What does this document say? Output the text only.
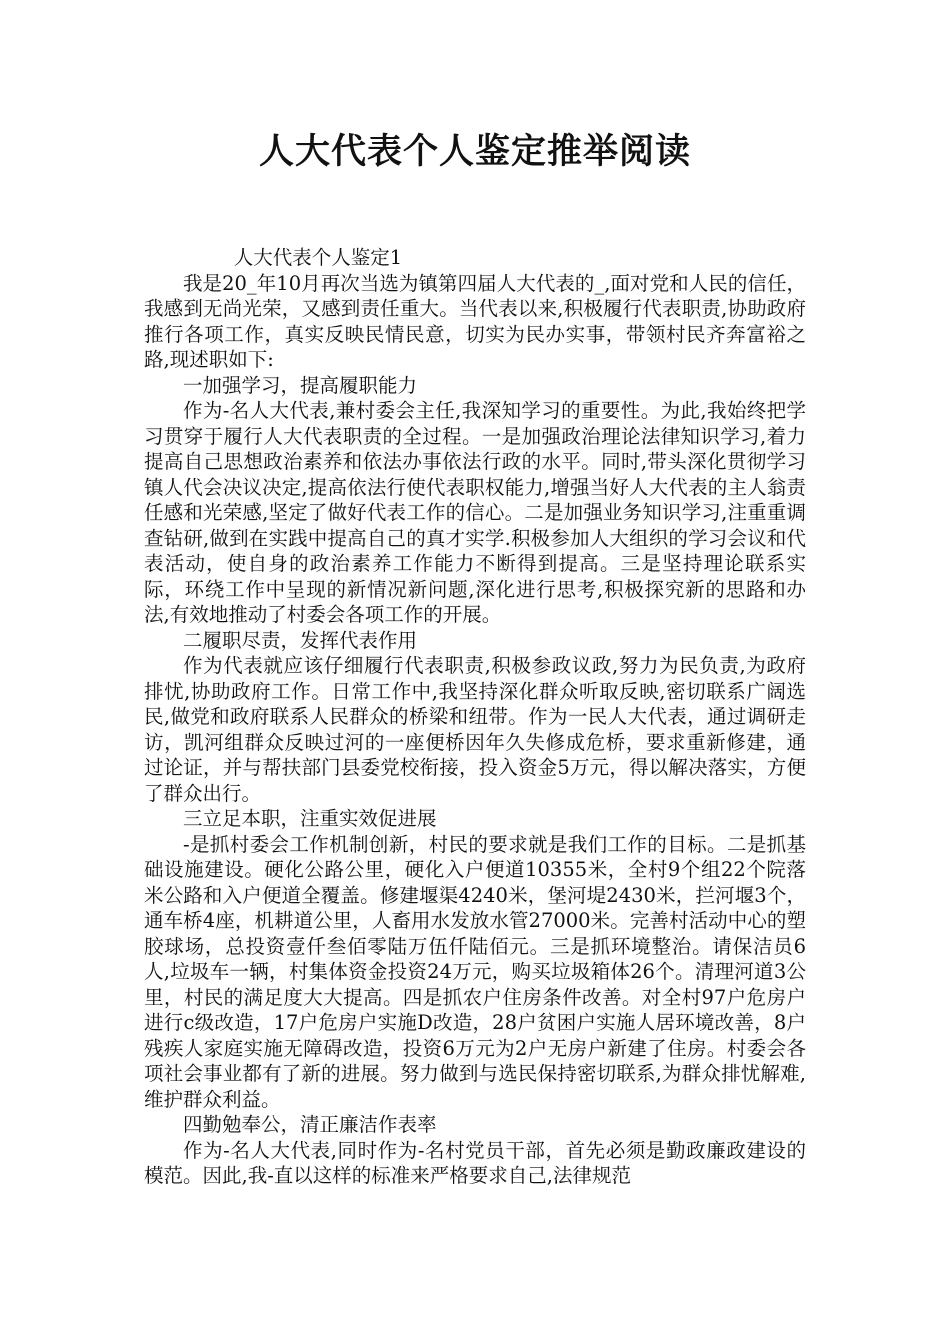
人大代表个人鉴定推举阅读

人大代表个人鉴定1

我是20_年10月再次当选为镇第四届人大代表的_,面对党和人民的信任，我感到无尚光荣，又感到责任重大。当代表以来,积极履行代表职责,协助政府推行各项工作，真实反映民情民意，切实为民办实事，带领村民齐奔富裕之路,现述职如下:

一加强学习，提高履职能力

作为-名人大代表,兼村委会主任,我深知学习的重要性。为此,我始终把学习贯穿于履行人大代表职责的全过程。一是加强政治理论法律知识学习,着力提高自己思想政治素养和依法办事依法行政的水平。同时,带头深化贯彻学习镇人代会决议决定,提高依法行使代表职权能力,增强当好人大代表的主人翁责任感和光荣感,坚定了做好代表工作的信心。二是加强业务知识学习,注重重调查钻研,做到在实践中提高自己的真才实学.积极参加人大组织的学习会议和代表活动，使自身的政治素养工作能力不断得到提高。三是坚持理论联系实际，环绕工作中呈现的新情况新问题,深化进行思考,积极探究新的思路和办法,有效地推动了村委会各项工作的开展。

二履职尽责，发挥代表作用

作为代表就应该仔细履行代表职责,积极参政议政,努力为民负责,为政府排忧,协助政府工作。日常工作中,我坚持深化群众听取反映,密切联系广阔选民,做党和政府联系人民群众的桥梁和纽带。作为一民人大代表，通过调研走访，凯河组群众反映过河的一座便桥因年久失修成危桥，要求重新修建，通过论证，并与帮扶部门县委党校衔接，投入资金5万元，得以解决落实，方便了群众出行。

三立足本职，注重实效促进展

-是抓村委会工作机制创新，村民的要求就是我们工作的目标。二是抓基础设施建设。硬化公路公里，硬化入户便道10355米，全村9个组22个院落米公路和入户便道全覆盖。修建堰渠4240米，堡河堤2430米，拦河堰3个，通车桥4座，机耕道公里，人畜用水发放水管27000米。完善村活动中心的塑胶球场，总投资壹仟叁佰零陆万伍仟陆佰元。三是抓环境整治。请保洁员6人,垃圾车一辆，村集体资金投资24万元，购买垃圾箱体26个。清理河道3公里，村民的满足度大大提高。四是抓农户住房条件改善。对全村97户危房户进行c级改造，17户危房户实施D改造，28户贫困户实施人居环境改善，8户残疾人家庭实施无障碍改造，投资6万元为2户无房户新建了住房。村委会各项社会事业都有了新的进展。努力做到与选民保持密切联系,为群众排忧解难,维护群众利益。

四勤勉奉公，清正廉洁作表率

作为-名人大代表,同时作为-名村党员干部，首先必须是勤政廉政建设的模范。因此,我-直以这样的标准来严格要求自己,法律规范
